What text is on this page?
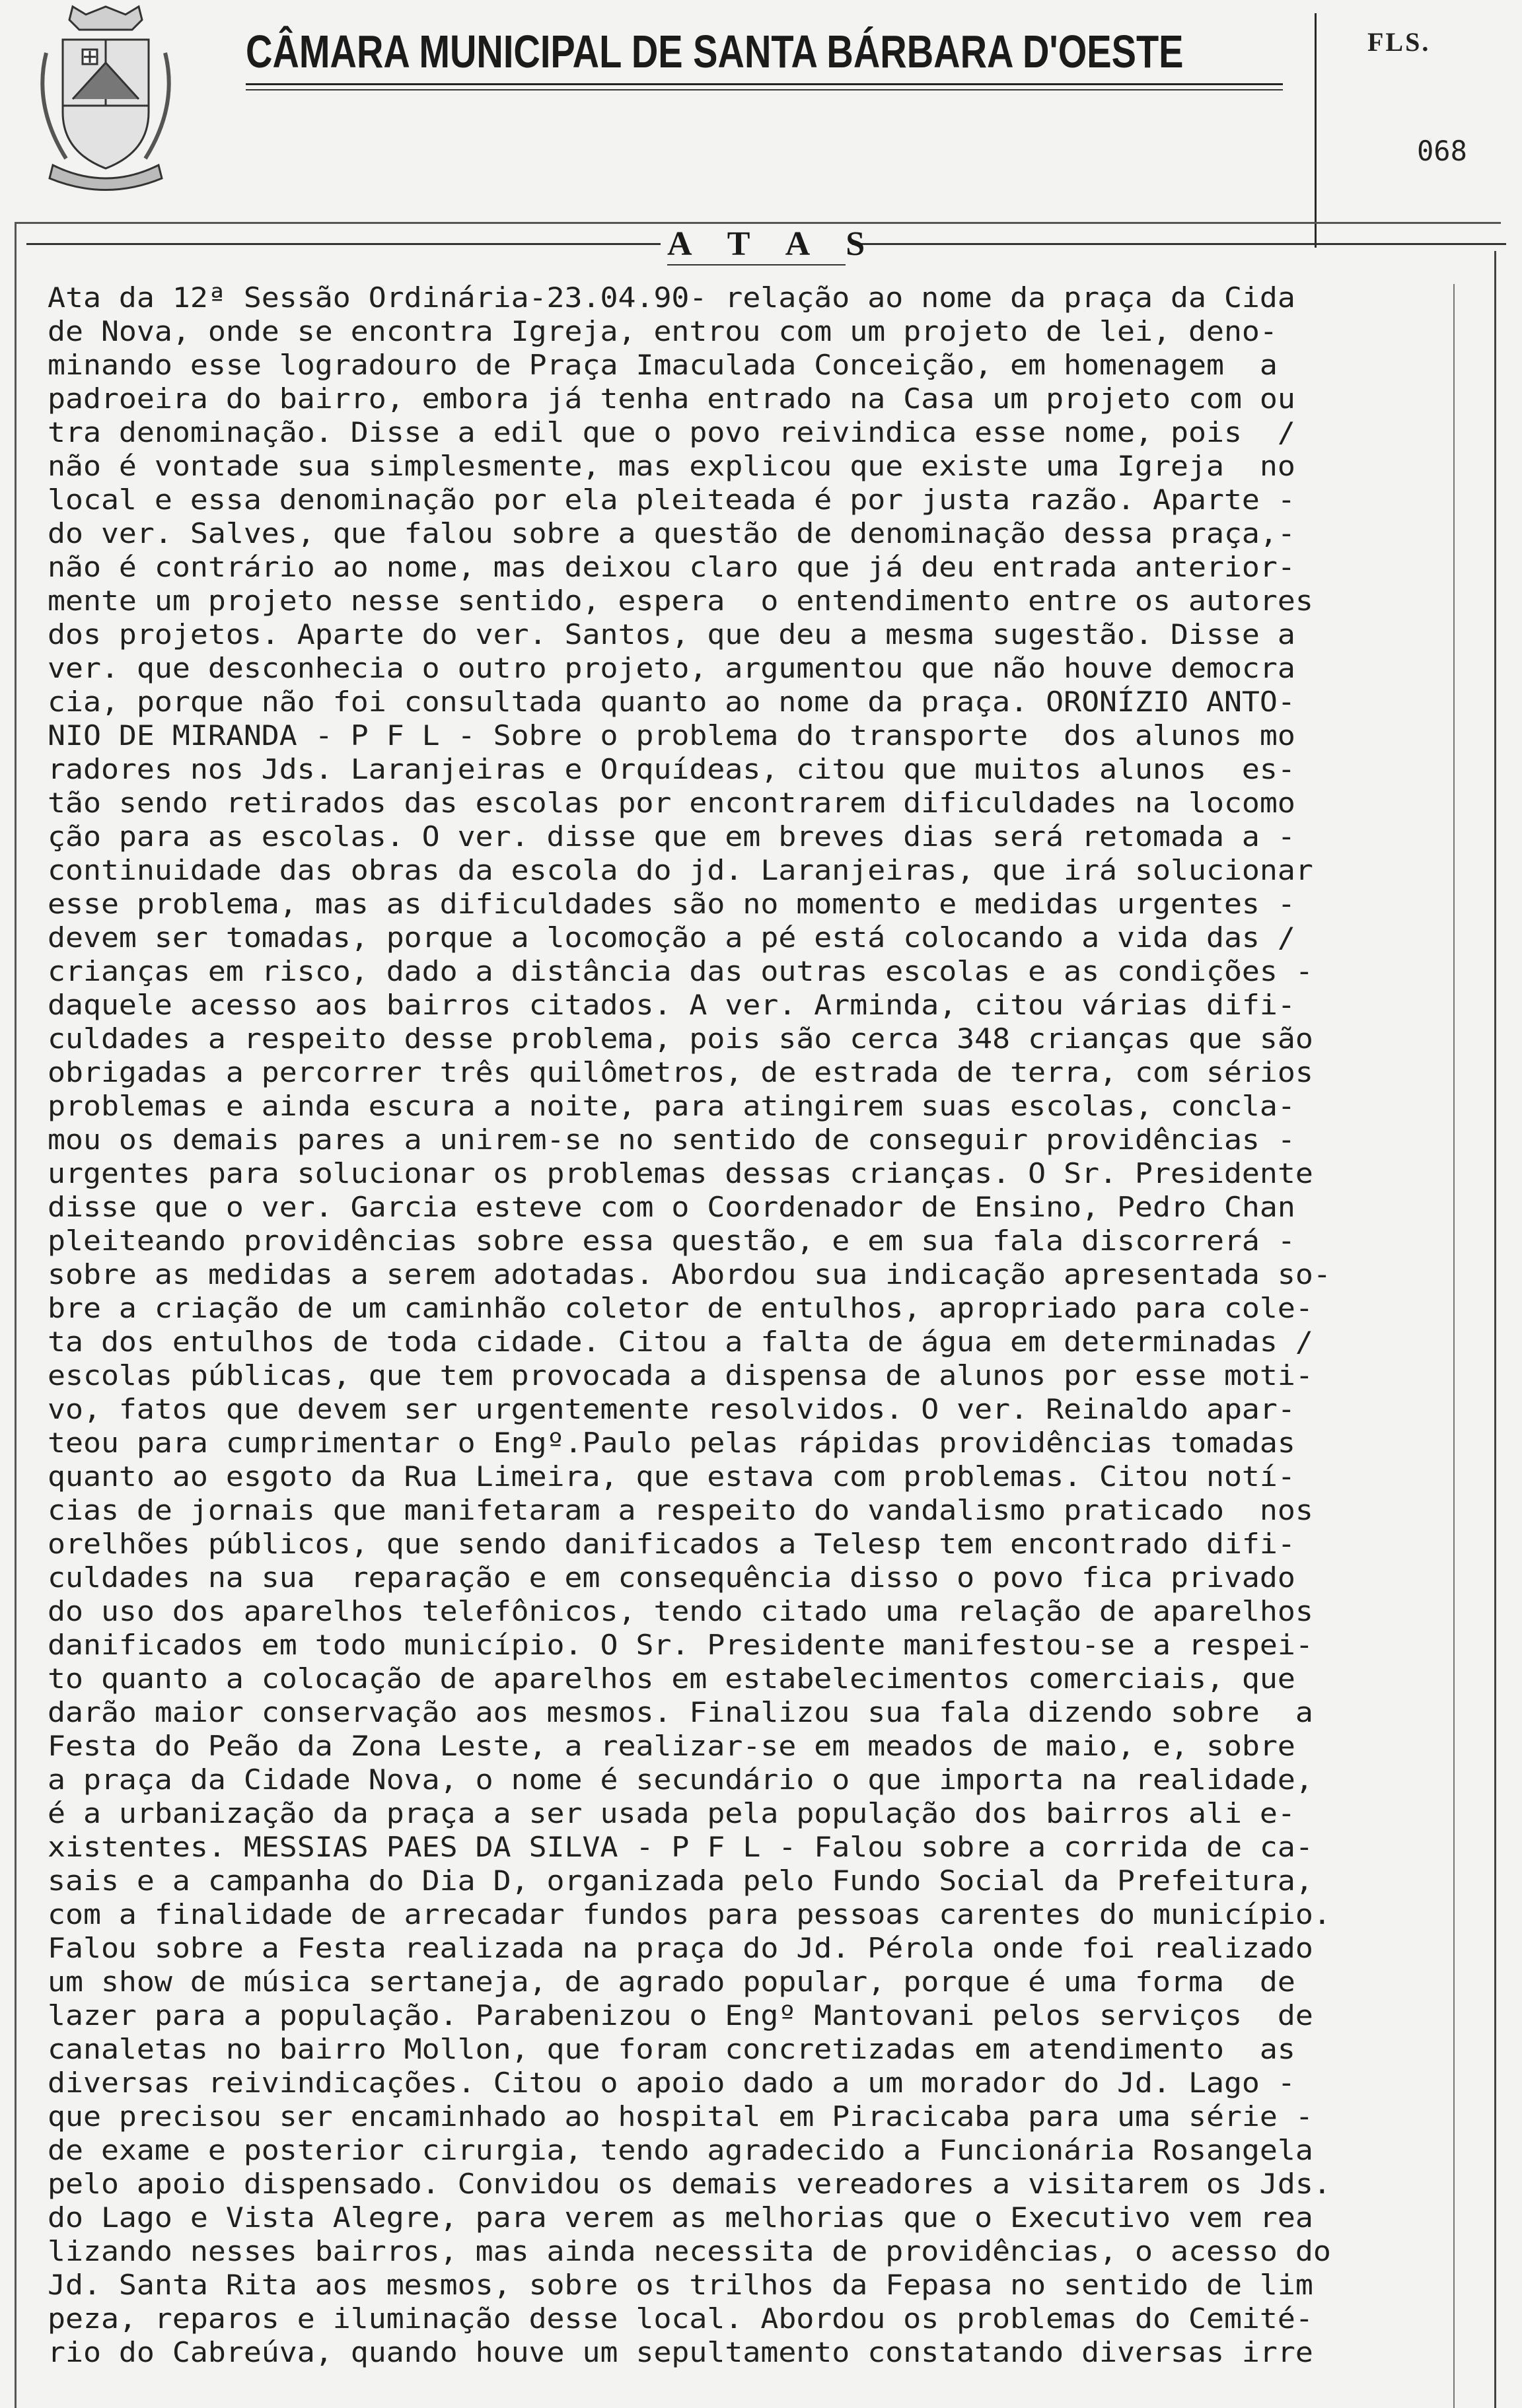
CÂMARA MUNICIPAL DE SANTA BÁRBARA D'OESTE	FLS.
068
A T A S
Ata da 12ª Sessão Ordinária-23.04.90- relação ao nome da praça da Cida
de Nova, onde se encontra Igreja, entrou com um projeto de lei, deno-
minando esse logradouro de Praça Imaculada Conceição, em homenagem  a
padroeira do bairro, embora já tenha entrado na Casa um projeto com ou
tra denominação. Disse a edil que o povo reivindica esse nome, pois  /
não é vontade sua simplesmente, mas explicou que existe uma Igreja  no
local e essa denominação por ela pleiteada é por justa razão. Aparte -
do ver. Salves, que falou sobre a questão de denominação dessa praça,-
não é contrário ao nome, mas deixou claro que já deu entrada anterior-
mente um projeto nesse sentido, espera  o entendimento entre os autores
dos projetos. Aparte do ver. Santos, que deu a mesma sugestão. Disse a
ver. que desconhecia o outro projeto, argumentou que não houve democra
cia, porque não foi consultada quanto ao nome da praça. ORONÍZIO ANTO-
NIO DE MIRANDA - P F L - Sobre o problema do transporte  dos alunos mo
radores nos Jds. Laranjeiras e Orquídeas, citou que muitos alunos  es-
tão sendo retirados das escolas por encontrarem dificuldades na locomo
ção para as escolas. O ver. disse que em breves dias será retomada a -
continuidade das obras da escola do jd. Laranjeiras, que irá solucionar
esse problema, mas as dificuldades são no momento e medidas urgentes -
devem ser tomadas, porque a locomoção a pé está colocando a vida das /
crianças em risco, dado a distância das outras escolas e as condições -
daquele acesso aos bairros citados. A ver. Arminda, citou várias difi-
culdades a respeito desse problema, pois são cerca 348 crianças que são
obrigadas a percorrer três quilômetros, de estrada de terra, com sérios
problemas e ainda escura a noite, para atingirem suas escolas, concla-
mou os demais pares a unirem-se no sentido de conseguir providências -
urgentes para solucionar os problemas dessas crianças. O Sr. Presidente
disse que o ver. Garcia esteve com o Coordenador de Ensino, Pedro Chan
pleiteando providências sobre essa questão, e em sua fala discorrerá -
sobre as medidas a serem adotadas. Abordou sua indicação apresentada so-
bre a criação de um caminhão coletor de entulhos, apropriado para cole-
ta dos entulhos de toda cidade. Citou a falta de água em determinadas /
escolas públicas, que tem provocada a dispensa de alunos por esse moti-
vo, fatos que devem ser urgentemente resolvidos. O ver. Reinaldo apar-
teou para cumprimentar o Engº.Paulo pelas rápidas providências tomadas
quanto ao esgoto da Rua Limeira, que estava com problemas. Citou notí-
cias de jornais que manifetaram a respeito do vandalismo praticado  nos
orelhões públicos, que sendo danificados a Telesp tem encontrado difi-
culdades na sua  reparação e em consequência disso o povo fica privado
do uso dos aparelhos telefônicos, tendo citado uma relação de aparelhos
danificados em todo município. O Sr. Presidente manifestou-se a respei-
to quanto a colocação de aparelhos em estabelecimentos comerciais, que
darão maior conservação aos mesmos. Finalizou sua fala dizendo sobre  a
Festa do Peão da Zona Leste, a realizar-se em meados de maio, e, sobre
a praça da Cidade Nova, o nome é secundário o que importa na realidade,
é a urbanização da praça a ser usada pela população dos bairros ali e-
xistentes. MESSIAS PAES DA SILVA - P F L - Falou sobre a corrida de ca-
sais e a campanha do Dia D, organizada pelo Fundo Social da Prefeitura,
com a finalidade de arrecadar fundos para pessoas carentes do município.
Falou sobre a Festa realizada na praça do Jd. Pérola onde foi realizado
um show de música sertaneja, de agrado popular, porque é uma forma  de
lazer para a população. Parabenizou o Engº Mantovani pelos serviços  de
canaletas no bairro Mollon, que foram concretizadas em atendimento  as
diversas reivindicações. Citou o apoio dado a um morador do Jd. Lago -
que precisou ser encaminhado ao hospital em Piracicaba para uma série -
de exame e posterior cirurgia, tendo agradecido a Funcionária Rosangela
pelo apoio dispensado. Convidou os demais vereadores a visitarem os Jds.
do Lago e Vista Alegre, para verem as melhorias que o Executivo vem rea
lizando nesses bairros, mas ainda necessita de providências, o acesso do
Jd. Santa Rita aos mesmos, sobre os trilhos da Fepasa no sentido de lim
peza, reparos e iluminação desse local. Abordou os problemas do Cemité-
rio do Cabreúva, quando houve um sepultamento constatando diversas irre
